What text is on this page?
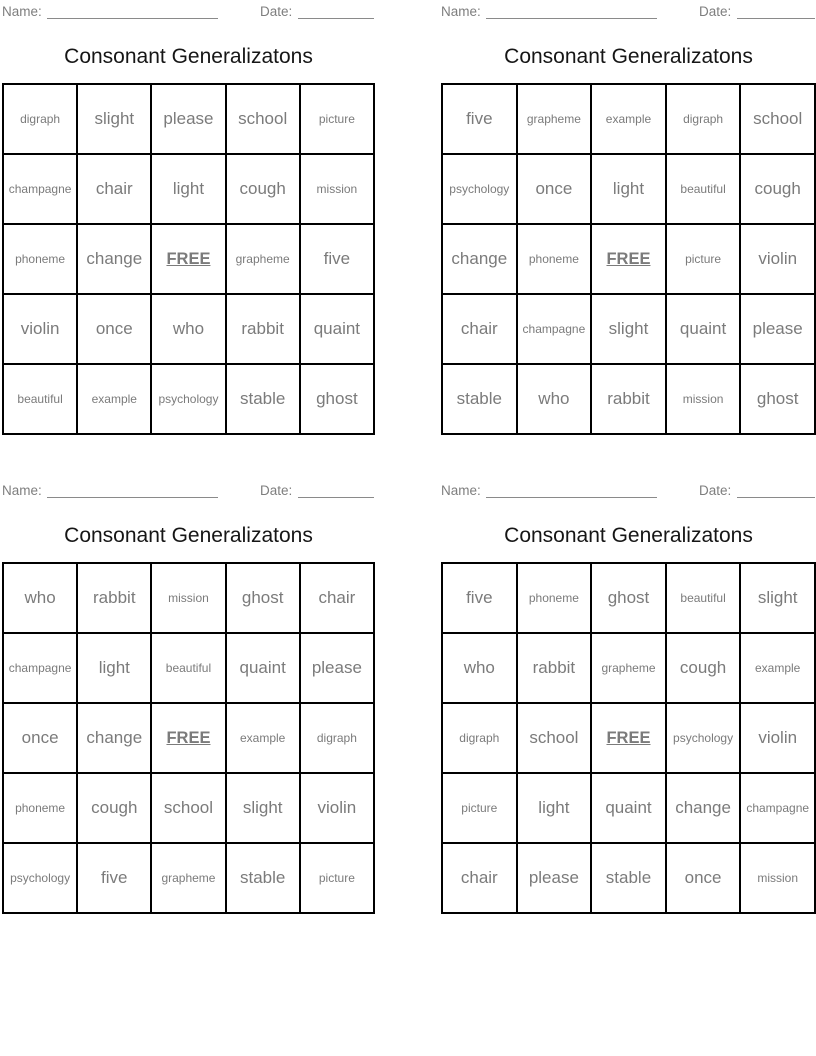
Name:	Date:
Consonant Generalizatons
digraph	slight	please	school	picture
champagne	chair	light	cough	mission
phoneme	change	FREE	grapheme	five
violin	once	who	rabbit	quaint
beautiful	example	psychology	stable	ghost
Name:	Date:
Consonant Generalizatons
five	grapheme	example	digraph	school
psychology	once	light	beautiful	cough
change	phoneme	FREE	picture	violin
chair	champagne	slight	quaint	please
stable	who	rabbit	mission	ghost
Name:	Date:
Consonant Generalizatons
who	rabbit	mission	ghost	chair
champagne	light	beautiful	quaint	please
once	change	FREE	example	digraph
phoneme	cough	school	slight	violin
psychology	five	grapheme	stable	picture
Name:	Date:
Consonant Generalizatons
five	phoneme	ghost	beautiful	slight
who	rabbit	grapheme	cough	example
digraph	school	FREE	psychology	violin
picture	light	quaint	change	champagne
chair	please	stable	once	mission
